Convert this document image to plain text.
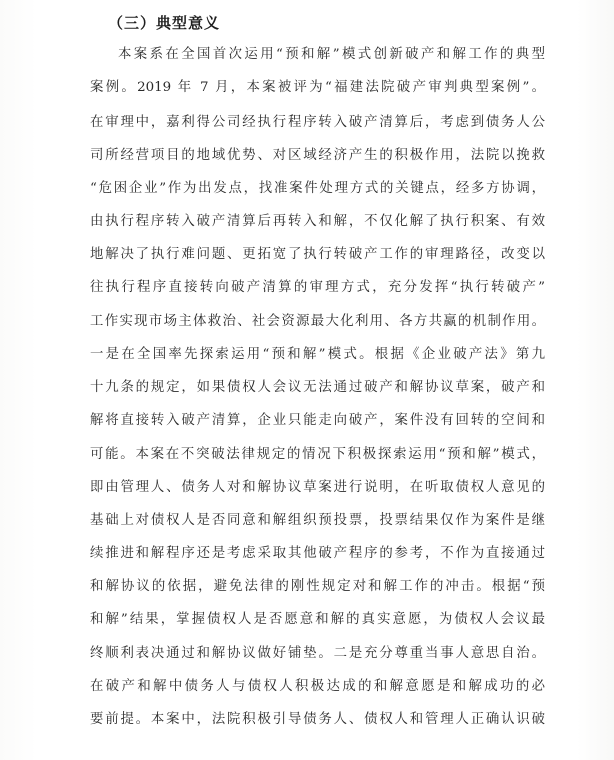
（三）典型意义
本案系在全国首次运用“预和解”模式创新破产和解工作的典型
案例。2019 年 7 月，本案被评为“福建法院破产审判典型案例”。
在审理中，嘉利得公司经执行程序转入破产清算后，考虑到债务人公
司所经营项目的地域优势、对区域经济产生的积极作用，法院以挽救
“危困企业”作为出发点，找准案件处理方式的关键点，经多方协调，
由执行程序转入破产清算后再转入和解，不仅化解了执行积案、有效
地解决了执行难问题、更拓宽了执行转破产工作的审理路径，改变以
往执行程序直接转向破产清算的审理方式，充分发挥“执行转破产”
工作实现市场主体救治、社会资源最大化利用、各方共赢的机制作用。
一是在全国率先探索运用“预和解”模式。根据《企业破产法》第九
十九条的规定，如果债权人会议无法通过破产和解协议草案，破产和
解将直接转入破产清算，企业只能走向破产，案件没有回转的空间和
可能。本案在不突破法律规定的情况下积极探索运用“预和解”模式，
即由管理人、债务人对和解协议草案进行说明，在听取债权人意见的
基础上对债权人是否同意和解组织预投票，投票结果仅作为案件是继
续推进和解程序还是考虑采取其他破产程序的参考，不作为直接通过
和解协议的依据，避免法律的刚性规定对和解工作的冲击。根据“预
和解”结果，掌握债权人是否愿意和解的真实意愿，为债权人会议最
终顺利表决通过和解协议做好铺垫。二是充分尊重当事人意思自治。
在破产和解中债务人与债权人积极达成的和解意愿是和解成功的必
要前提。本案中，法院积极引导债务人、债权人和管理人正确认识破
